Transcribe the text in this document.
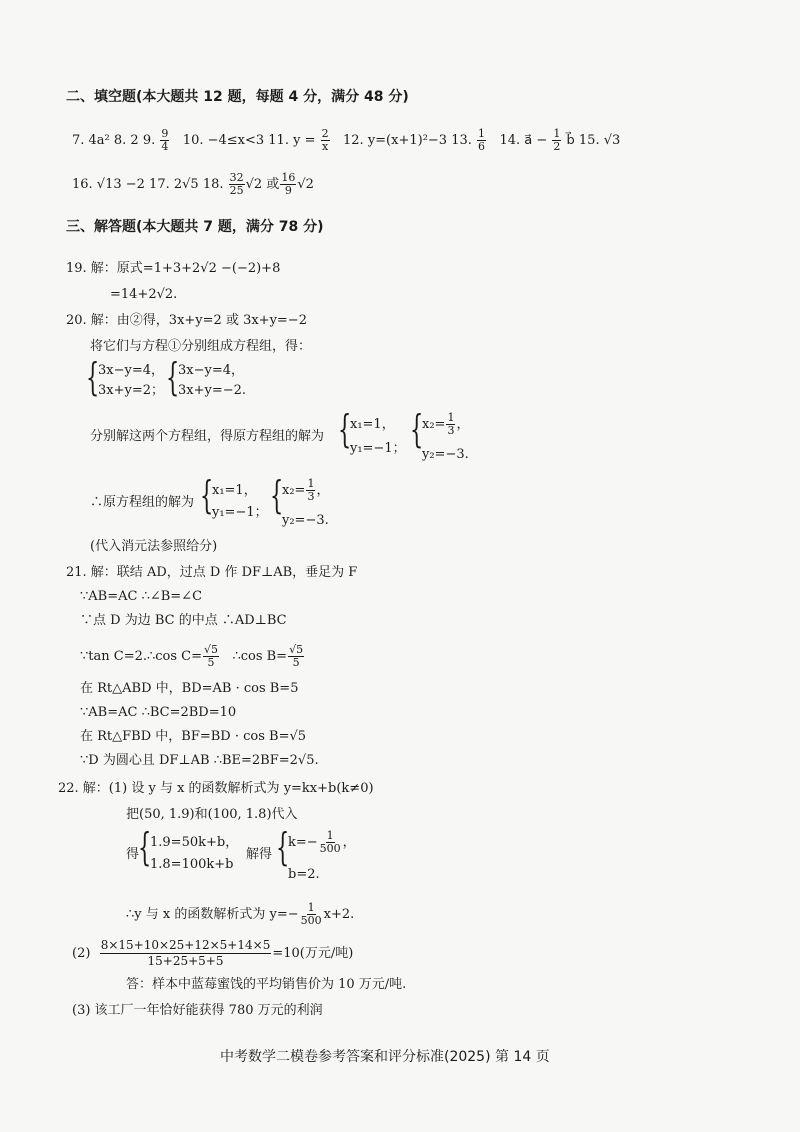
二、填空题(本大题共 12 题，每题 4 分，满分 48 分)
7. 4a² 8. 2 9. $\frac{9}{4} 10$. −4≤x<3 11. $y = \frac{2}{x} 12$. y=(x+1)²−3 13. $\frac{1}{6} 14$. a⃗ − $\frac{1}{2}$ b⃗ 15. √3
16. √13 −2 17. 2√5 18. $\frac{32}{25} √2$ 或 $\frac{16}{9} √2$
三、解答题(本大题共 7 题，满分 78 分)
19. 解：原式=1+3+2√2 −(−2)+8
=14+2√2.
20. 解：由②得，3x+y=2 或 3x+y=−2
将它们与方程①分别组成方程组，得：
{
3x−y=4，
3x+y=2； {
3x−y=4，
3x+y=−2.
分别解这两个方程组，得原方程组的解为 {
x₁=1，
y₁=−1； {
$x_2= \frac{1}{3}$ ，
y₂=−3.
∴原方程组的解为 {
x₁=1，
y₁=−1； {
$x_2= \frac{1}{3}$ ，
y₂=−3.
(代入消元法参照给分)
21. 解：联结 AD，过点 D 作 DF⊥AB，垂足为 F
∵AB=AC ∴∠B=∠C
∵点 D 为边 BC 的中点 ∴AD⊥BC
∵tan C=2.∴cos $C= \frac{√5}{5}$ ∴cos $B= \frac{√5}{5}$
在 Rt△ABD 中，BD=AB · cos B=5
∵AB=AC ∴BC=2BD=10
在 Rt△FBD 中，BF=BD · cos B=√5
∵D 为圆心且 DF⊥AB ∴BE=2BF=2√5.
22. 解：(1) 设 y 与 x 的函数解析式为 y=kx+b(k≠0)
把(50, 1.9)和(100, 1.8)代入
得
{
1.9=50k+b，
1.8=100k+b
解得 {
$k=- \frac{1}{500}$ ，
b=2.
∴y 与 x 的函数解析式为 $y=- \frac{1}{500} x+2$.
$(2) \frac{8\times 15+10\times 25+12\times 5+14\times 5}{15+25+5+5} =10$(万元/吨)
答：样本中蓝莓蜜饯的平均销售价为 10 万元/吨.
(3) 该工厂一年恰好能获得 780 万元的利润
中考数学二模卷参考答案和评分标准(2025) 第 14 页
